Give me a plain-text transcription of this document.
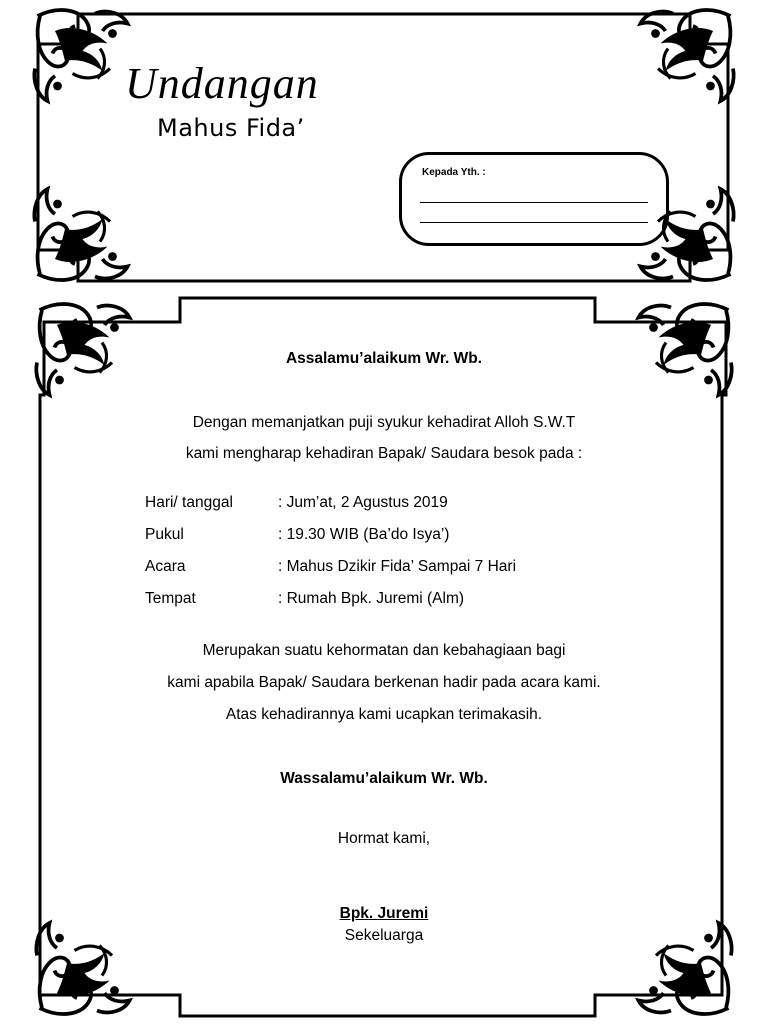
Undangan
Mahus Fida’
Kepada Yth. :
Assalamu’alaikum Wr. Wb.
Dengan memanjatkan puji syukur kehadirat Alloh S.W.T
kami mengharap kehadiran Bapak/ Saudara besok pada :
Hari/ tanggal	: Jum’at, 2 Agustus 2019
Pukul	: 19.30 WIB (Ba’do Isya’)
Acara	: Mahus Dzikir Fida’ Sampai 7 Hari
Tempat	: Rumah Bpk. Juremi (Alm)
Merupakan suatu kehormatan dan kebahagiaan bagi
kami apabila Bapak/ Saudara berkenan hadir pada acara kami.
Atas kehadirannya kami ucapkan terimakasih.
Wassalamu’alaikum Wr. Wb.
Hormat kami,
Bpk. Juremi
Sekeluarga
